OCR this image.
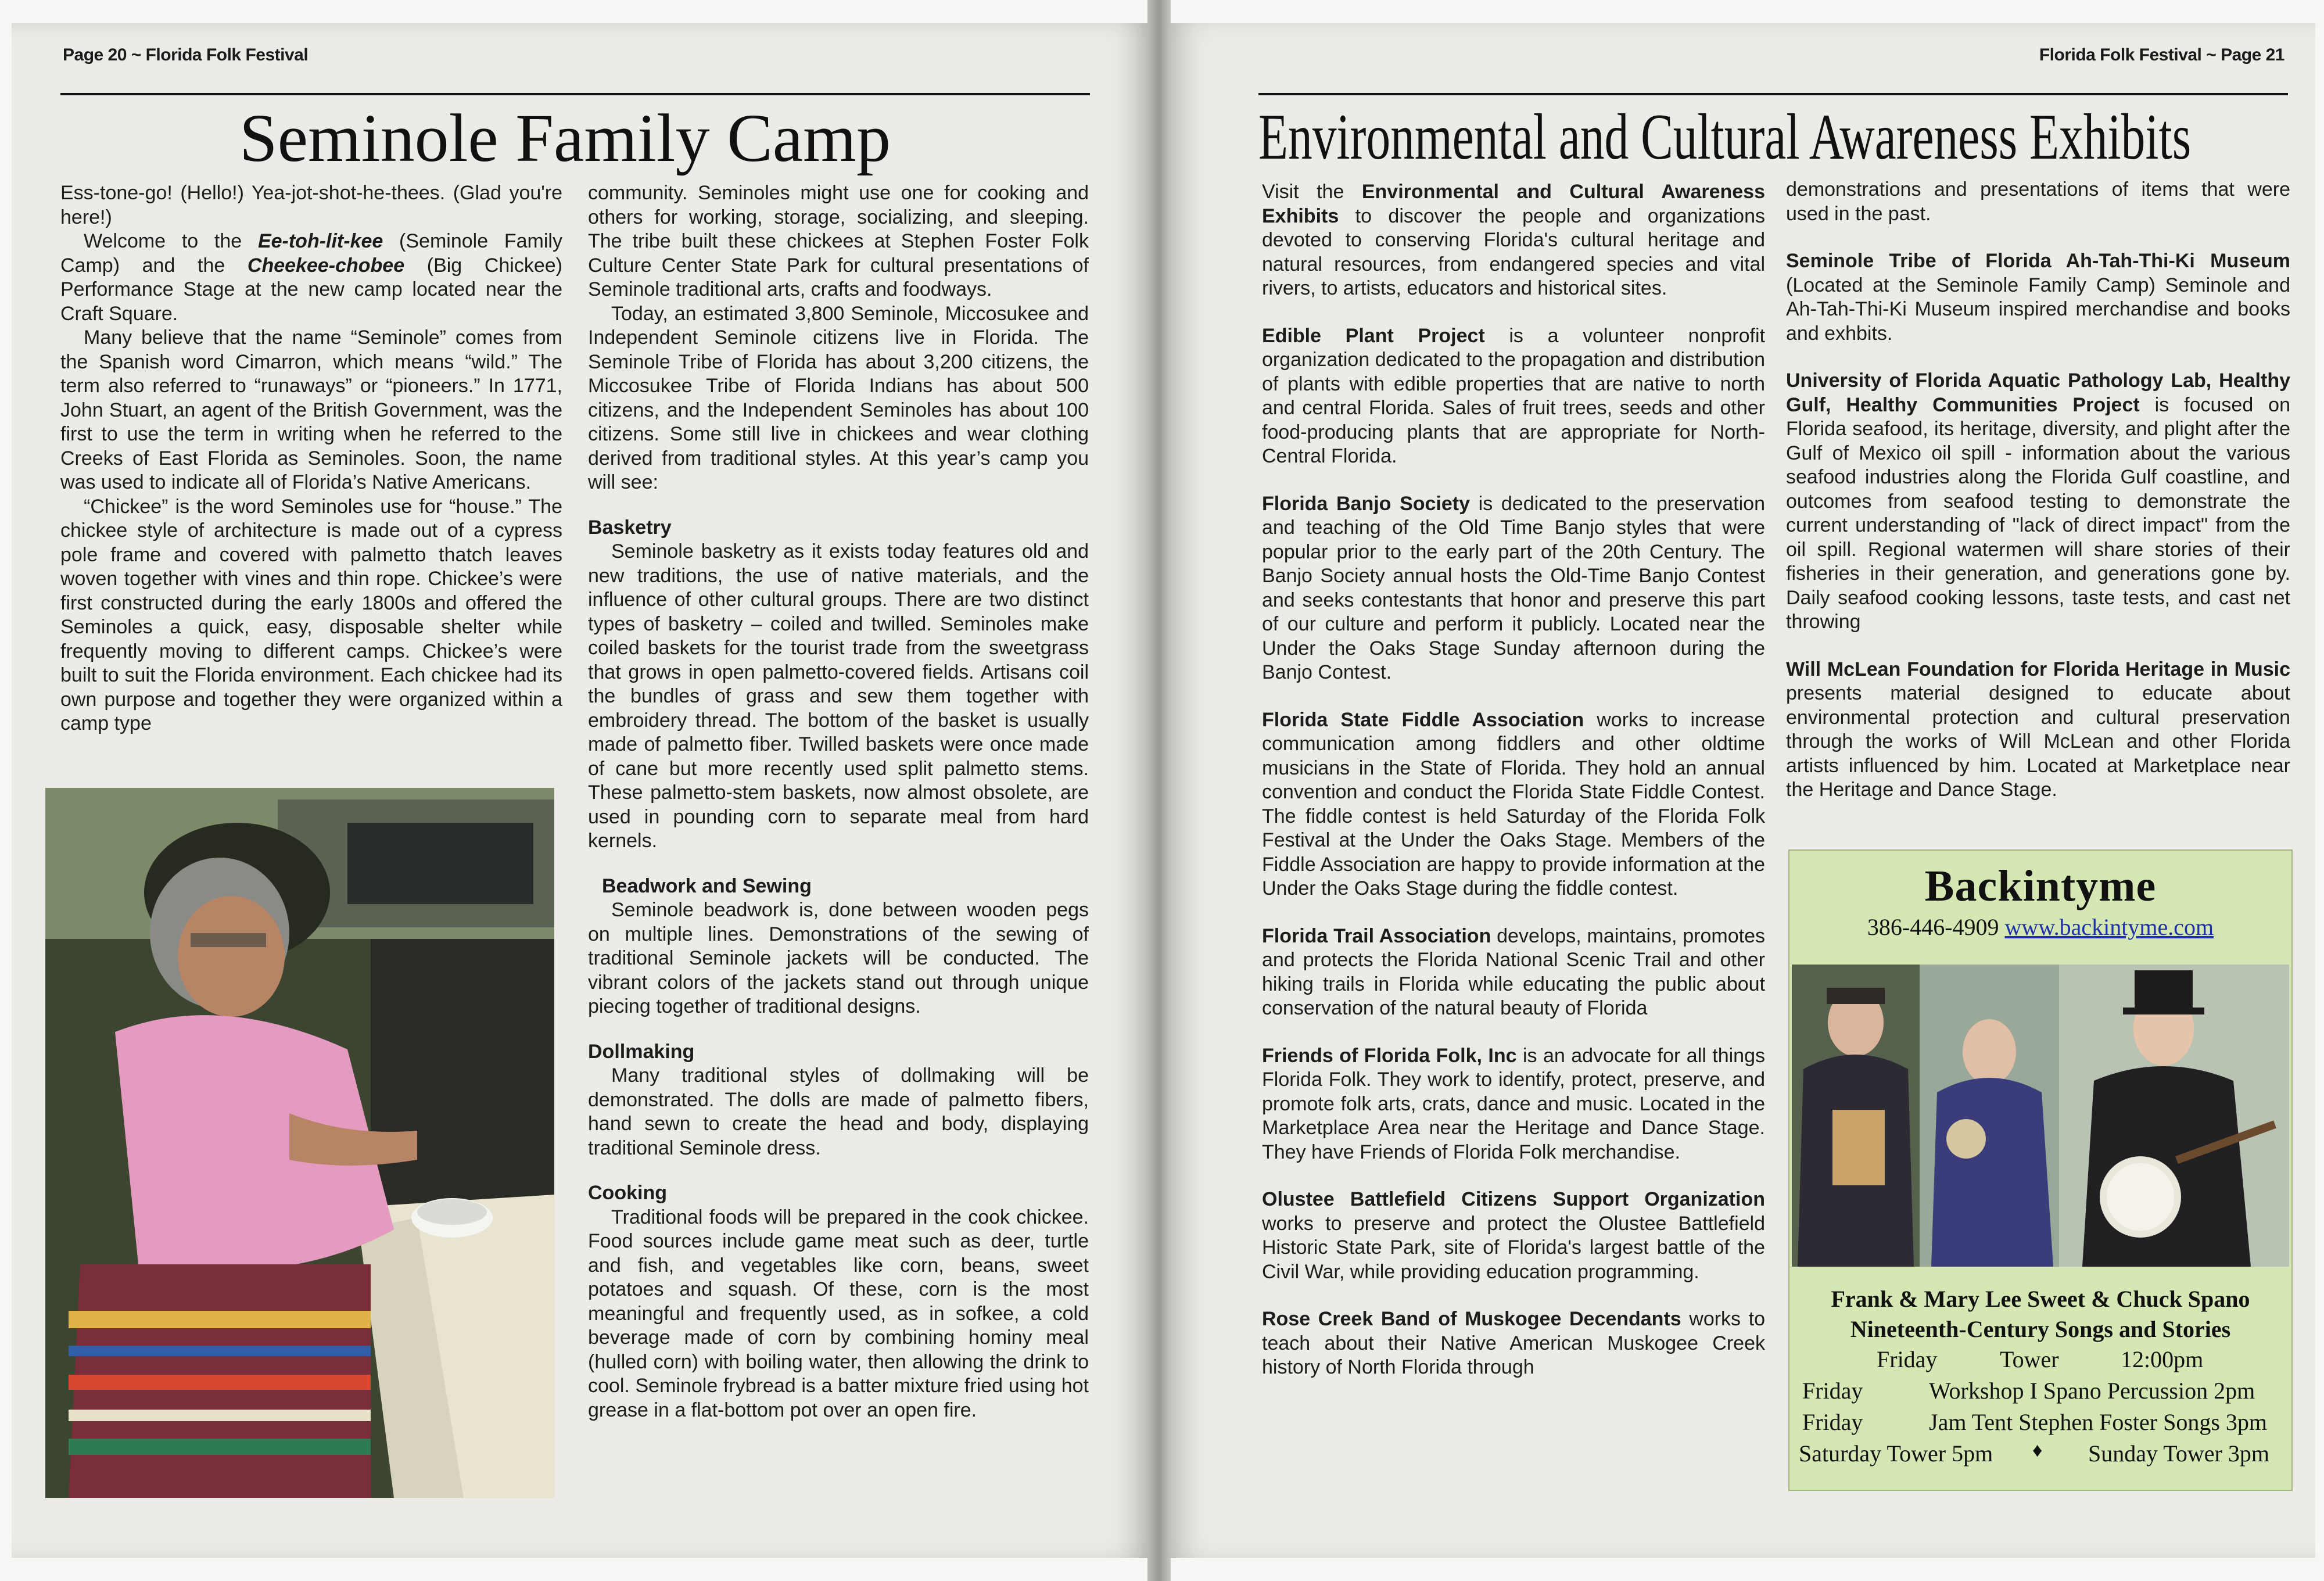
Page 20 ~ Florida Folk Festival
Seminole Family Camp

Ess-tone-go! (Hello!) Yea-jot-shot-he-thees. (Glad you're here!)

Welcome to the Ee-toh-lit-kee (Seminole Family Camp) and the Cheekee-chobee (Big Chickee) Performance Stage at the new camp located near the Craft Square.

Many believe that the name “Seminole” comes from the Spanish word Cimarron, which means “wild.” The term also referred to “runaways” or “pioneers.” In 1771, John Stuart, an agent of the British Government, was the first to use the term in writing when he referred to the Creeks of East Florida as Seminoles. Soon, the name was used to indicate all of Florida’s Native Americans.

“Chickee” is the word Seminoles use for “house.” The chickee style of architecture is made out of a cypress pole frame and covered with palmetto thatch leaves woven together with vines and thin rope. Chickee’s were first constructed during the early 1800s and offered the Seminoles a quick, easy, disposable shelter while frequently moving to different camps. Chickee’s were built to suit the Florida environment. Each chickee had its own purpose and together they were organized within a camp type

community. Seminoles might use one for cooking and others for working, storage, socializing, and sleeping. The tribe built these chickees at Stephen Foster Folk Culture Center State Park for cultural presentations of Seminole traditional arts, crafts and foodways.

Today, an estimated 3,800 Seminole, Miccosukee and Independent Seminole citizens live in Florida. The Seminole Tribe of Florida has about 3,200 citizens, the Miccosukee Tribe of Florida Indians has about 500 citizens, and the Independent Seminoles has about 100 citizens. Some still live in chickees and wear clothing derived from traditional styles. At this year’s camp you will see:

Basketry

Seminole basketry as it exists today features old and new traditions, the use of native materials, and the influence of other cultural groups. There are two distinct types of basketry – coiled and twilled. Seminoles make coiled baskets for the tourist trade from the sweetgrass that grows in open palmetto-covered fields. Artisans coil the bundles of grass and sew them together with embroidery thread. The bottom of the basket is usually made of palmetto fiber. Twilled baskets were once made of cane but more recently used split palmetto stems. These palmetto-stem baskets, now almost obsolete, are used in pounding corn to separate meal from hard kernels.

Beadwork and Sewing

Seminole beadwork is, done between wooden pegs on multiple lines. Demonstrations of the sewing of traditional Seminole jackets will be conducted. The vibrant colors of the jackets stand out through unique piecing together of traditional designs.

Dollmaking

Many traditional styles of dollmaking will be demonstrated. The dolls are made of palmetto fibers, hand sewn to create the head and body, displaying traditional Seminole dress.

Cooking

Traditional foods will be prepared in the cook chickee. Food sources include game meat such as deer, turtle and fish, and vegetables like corn, beans, sweet potatoes and squash. Of these, corn is the most meaningful and frequently used, as in sofkee, a cold beverage made of corn by combining hominy meal (hulled corn) with boiling water, then allowing the drink to cool. Seminole frybread is a batter mixture fried using hot grease in a flat-bottom pot over an open fire.

Florida Folk Festival ~ Page 21
Environmental and Cultural Awareness Exhibits

Visit the Environmental and Cultural Awareness Exhibits to discover the people and organizations devoted to conserving Florida's cultural heritage and natural resources, from endangered species and vital rivers, to artists, educators and historical sites.

Edible Plant Project is a volunteer nonprofit organization dedicated to the propagation and distribution of plants with edible properties that are native to north and central Florida. Sales of fruit trees, seeds and other food-producing plants that are appropriate for North-Central Florida.

Florida Banjo Society is dedicated to the preservation and teaching of the Old Time Banjo styles that were popular prior to the early part of the 20th Century. The Banjo Society annual hosts the Old-Time Banjo Contest and seeks contestants that honor and preserve this part of our culture and perform it publicly. Located near the Under the Oaks Stage Sunday afternoon during the Banjo Contest.

Florida State Fiddle Association works to increase communication among fiddlers and other oldtime musicians in the State of Florida. They hold an annual convention and conduct the Florida State Fiddle Contest. The fiddle contest is held Saturday of the Florida Folk Festival at the Under the Oaks Stage. Members of the Fiddle Association are happy to provide information at the Under the Oaks Stage during the fiddle contest.

Florida Trail Association develops, maintains, promotes and protects the Florida National Scenic Trail and other hiking trails in Florida while educating the public about conservation of the natural beauty of Florida

Friends of Florida Folk, Inc is an advocate for all things Florida Folk. They work to identify, protect, preserve, and promote folk arts, crats, dance and music. Located in the Marketplace Area near the Heritage and Dance Stage. They have Friends of Florida Folk merchandise.

Olustee Battlefield Citizens Support Organization works to preserve and protect the Olustee Battlefield Historic State Park, site of Florida's largest battle of the Civil War, while providing education programming.

Rose Creek Band of Muskogee Decendants works to teach about their Native American Muskogee Creek history of North Florida through

demonstrations and presentations of items that were used in the past.

Seminole Tribe of Florida Ah-Tah-Thi-Ki Museum (Located at the Seminole Family Camp) Seminole and Ah-Tah-Thi-Ki Museum inspired merchandise and books and exhbits.

University of Florida Aquatic Pathology Lab, Healthy Gulf, Healthy Communities Project is focused on Florida seafood, its heritage, diversity, and plight after the Gulf of Mexico oil spill - information about the various seafood industries along the Florida Gulf coastline, and outcomes from seafood testing to demonstrate the current understanding of "lack of direct impact" from the oil spill. Regional watermen will share stories of their fisheries in their generation, and generations gone by. Daily seafood cooking lessons, taste tests, and cast net throwing

Will McLean Foundation for Florida Heritage in Music presents material designed to educate about environmental protection and cultural preservation through the works of Will McLean and other Florida artists influenced by him. Located at Marketplace near the Heritage and Dance Stage.

Backintyme
386-446-4909 www.backintyme.com
Frank & Mary Lee Sweet & Chuck Spano
Nineteenth-Century Songs and Stories
Friday	Tower	12:00pm
Friday	Workshop I Spano Percussion 2pm
Friday	Jam Tent Stephen Foster Songs 3pm
Saturday Tower 5pm ♦ Sunday Tower 3pm
